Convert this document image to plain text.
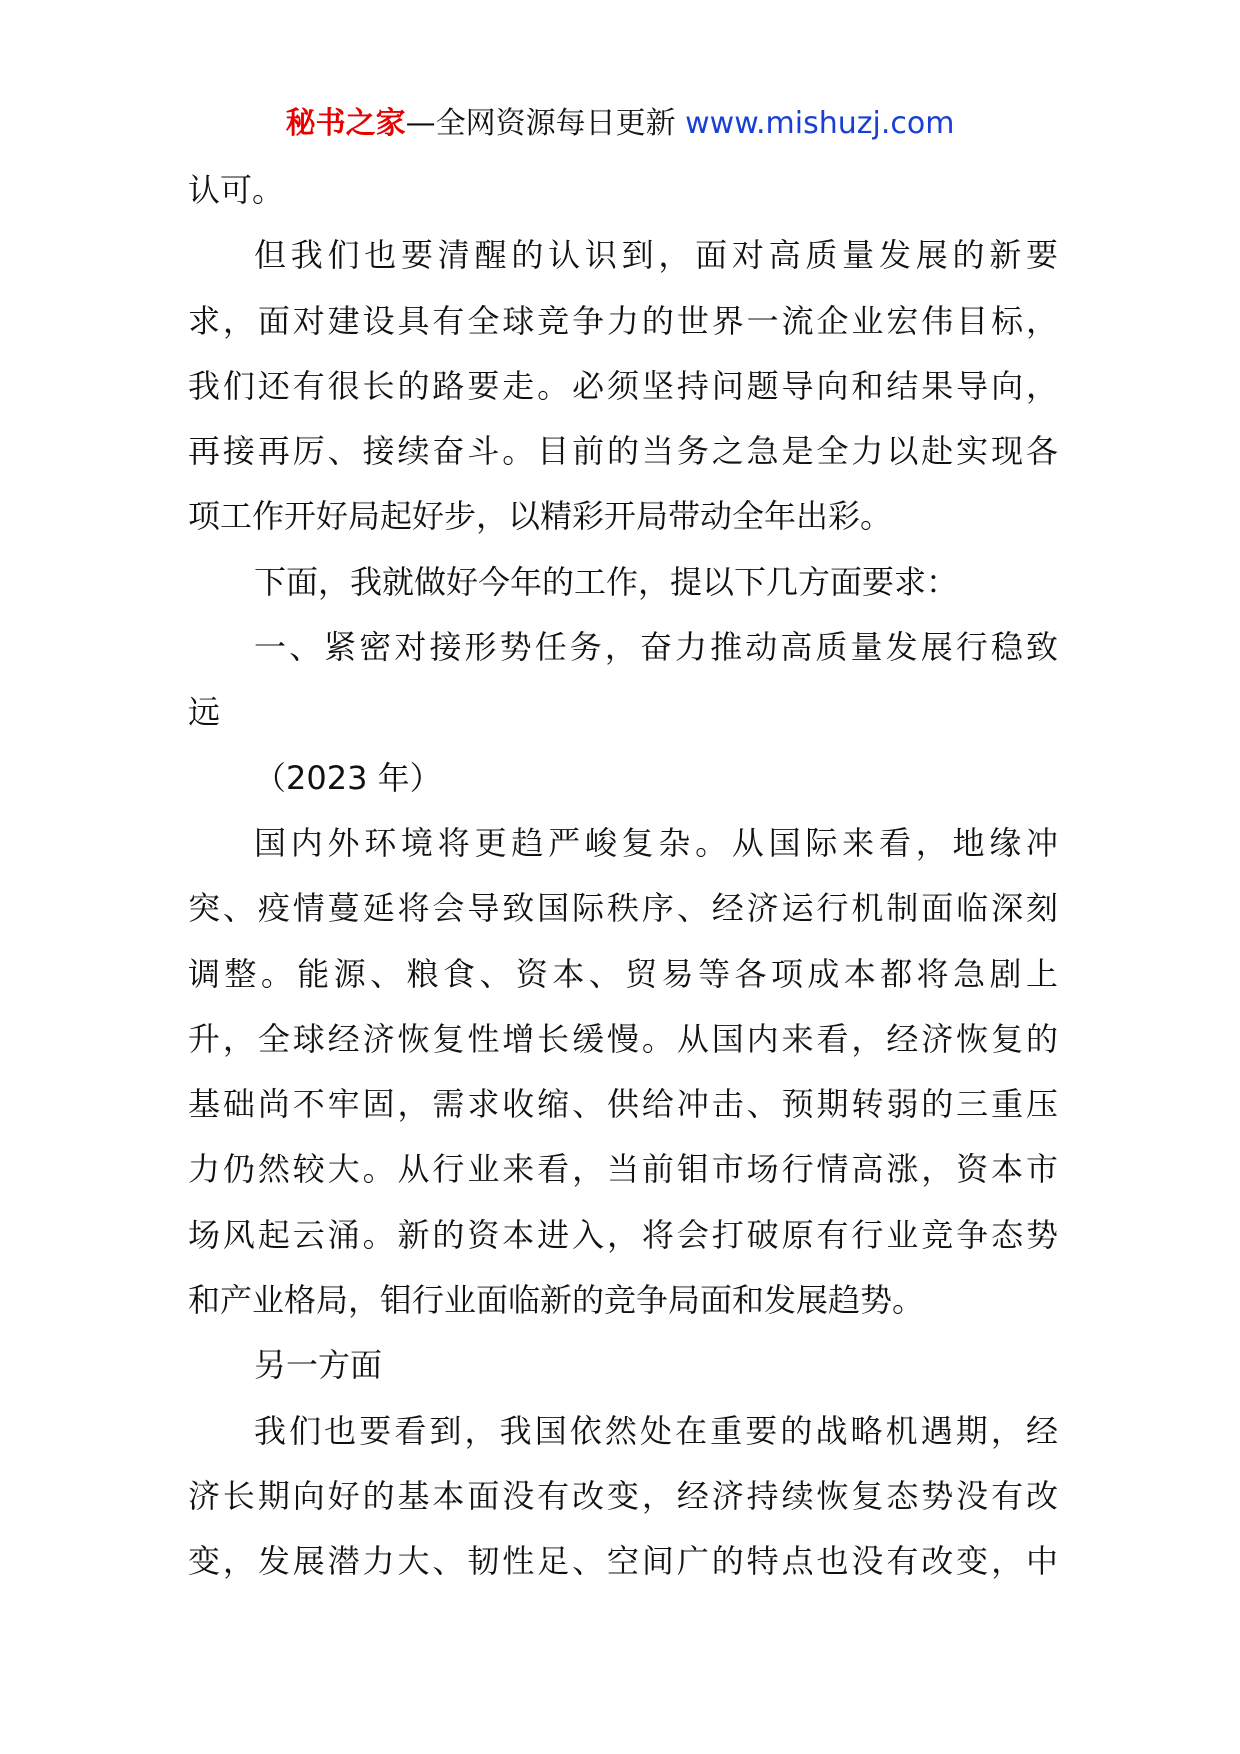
秘书之家—全网资源每日更新 www.mishuzj.com
认可。
但我们也要清醒的认识到，面对高质量发展的新要
求，面对建设具有全球竞争力的世界一流企业宏伟目标，
我们还有很长的路要走。必须坚持问题导向和结果导向，
再接再厉、接续奋斗。目前的当务之急是全力以赴实现各
项工作开好局起好步，以精彩开局带动全年出彩。
下面，我就做好今年的工作，提以下几方面要求：
一、紧密对接形势任务，奋力推动高质量发展行稳致
远
（2023 年）
国内外环境将更趋严峻复杂。从国际来看，地缘冲
突、疫情蔓延将会导致国际秩序、经济运行机制面临深刻
调整。能源、粮食、资本、贸易等各项成本都将急剧上
升，全球经济恢复性增长缓慢。从国内来看，经济恢复的
基础尚不牢固，需求收缩、供给冲击、预期转弱的三重压
力仍然较大。从行业来看，当前钼市场行情高涨，资本市
场风起云涌。新的资本进入，将会打破原有行业竞争态势
和产业格局，钼行业面临新的竞争局面和发展趋势。
另一方面
我们也要看到，我国依然处在重要的战略机遇期，经
济长期向好的基本面没有改变，经济持续恢复态势没有改
变，发展潜力大、韧性足、空间广的特点也没有改变，中
